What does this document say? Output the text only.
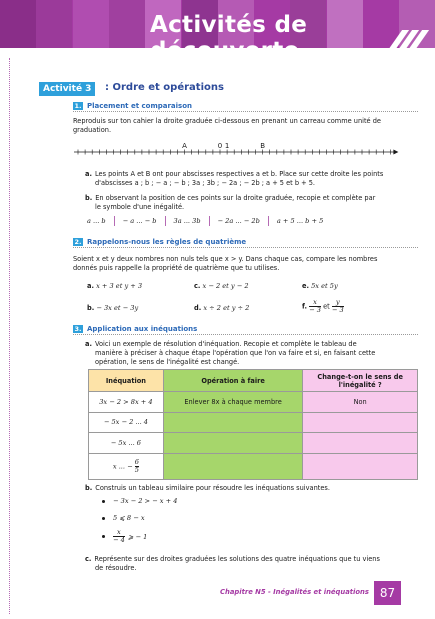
Activités de découverte
Activité 3	: Ordre et opérations
1. Placement et comparaison
Reproduis sur ton cahier la droite graduée ci-dessous en prenant un carreau comme unité de graduation.
A	0 1	B
a. Les points A et B ont pour abscisses respectives a et b. Place sur cette droite les points
d'abscisses a ; b ; − a ; − b ; 3a ; 3b ; − 2a ; − 2b ; a + 5 et b + 5.
b. En observant la position de ces points sur la droite graduée, recopie et complète par
le symbole d'une inégalité.
a ... b	− a ... − b	3a ... 3b	− 2a ... − 2b	a + 5 ... b + 5
2. Rappelons-nous les règles de quatrième
Soient x et y deux nombres non nuls tels que x > y. Dans chaque cas, compare les nombres
donnés puis rappelle la propriété de quatrième que tu utilises.
a. x + 3 et y + 3	c. x − 2 et y − 2	e. 5x et 5y
b. − 3x et − 3y	d. x ÷ 2 et y ÷ 2	f. $\frac{x}{- 3}$ et $\frac{y}{- 3}$
3. Application aux inéquations
a. Voici un exemple de résolution d'inéquation. Recopie et complète le tableau de
manière à préciser à chaque étape l'opération que l'on va faire et si, en faisant cette
opération, le sens de l'inégalité est changé.
Inéquation	Opération à faire	Change-t-on le sens de l'inégalité ?
3x − 2 > 8x + 4	Enlever 8x à chaque membre	Non
− 5x − 2 ... 4		
− 5x ... 6		
x ... − $\frac{6}{5}$

b. Construis un tableau similaire pour résoudre les inéquations suivantes.
− 3x − 2 > − x + 4
5 ⩽ 8 − x
$\frac{x}{- 4}$ ⩾ − 1
c. Représente sur des droites graduées les solutions des quatre inéquations que tu viens
de résoudre.
Chapitre N5 - Inégalités et inéquations 87
